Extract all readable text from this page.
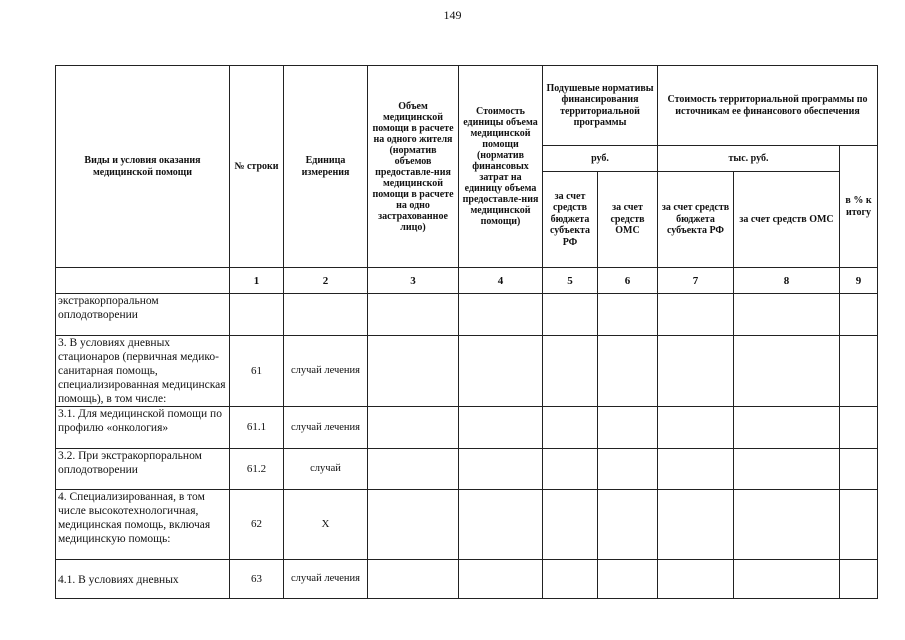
149
Виды и условия оказания медицинской помощи	№ строки	Единица измерения	Объем медицинской помощи в расчете на одного жителя (норматив объемов предоставле-ния медицинской помощи в расчете на одно застрахованное лицо)	Стоимость единицы объема медицинской помощи (норматив финансовых затрат на единицу объема предоставле-ния медицинской помощи)	Подушевые нормативы финансирования территориальной программы		Стоимость территориальной программы по источникам ее финансового обеспечения		
					руб.		тыс. руб.		в % к итогу
					за счет средств бюджета субъекта РФ	за счет средств ОМС	за счет средств бюджета субъекта РФ	за счет средств ОМС	
	1	2	3	4	5	6	7	8	9
экстракорпоральном оплодотворении									
3. В условиях дневных стационаров (первичная медико-санитарная помощь, специализированная медицинская помощь), в том числе:	61	случай лечения							
3.1. Для медицинской помощи по профилю «онкология»	61.1	случай лечения							
3.2. При экстракорпоральном оплодотворении	61.2	случай							
4. Специализированная, в том числе высокотехнологичная, медицинская помощь, включая медицинскую помощь:	62	X							
4.1. В условиях дневных	63	случай лечения							
